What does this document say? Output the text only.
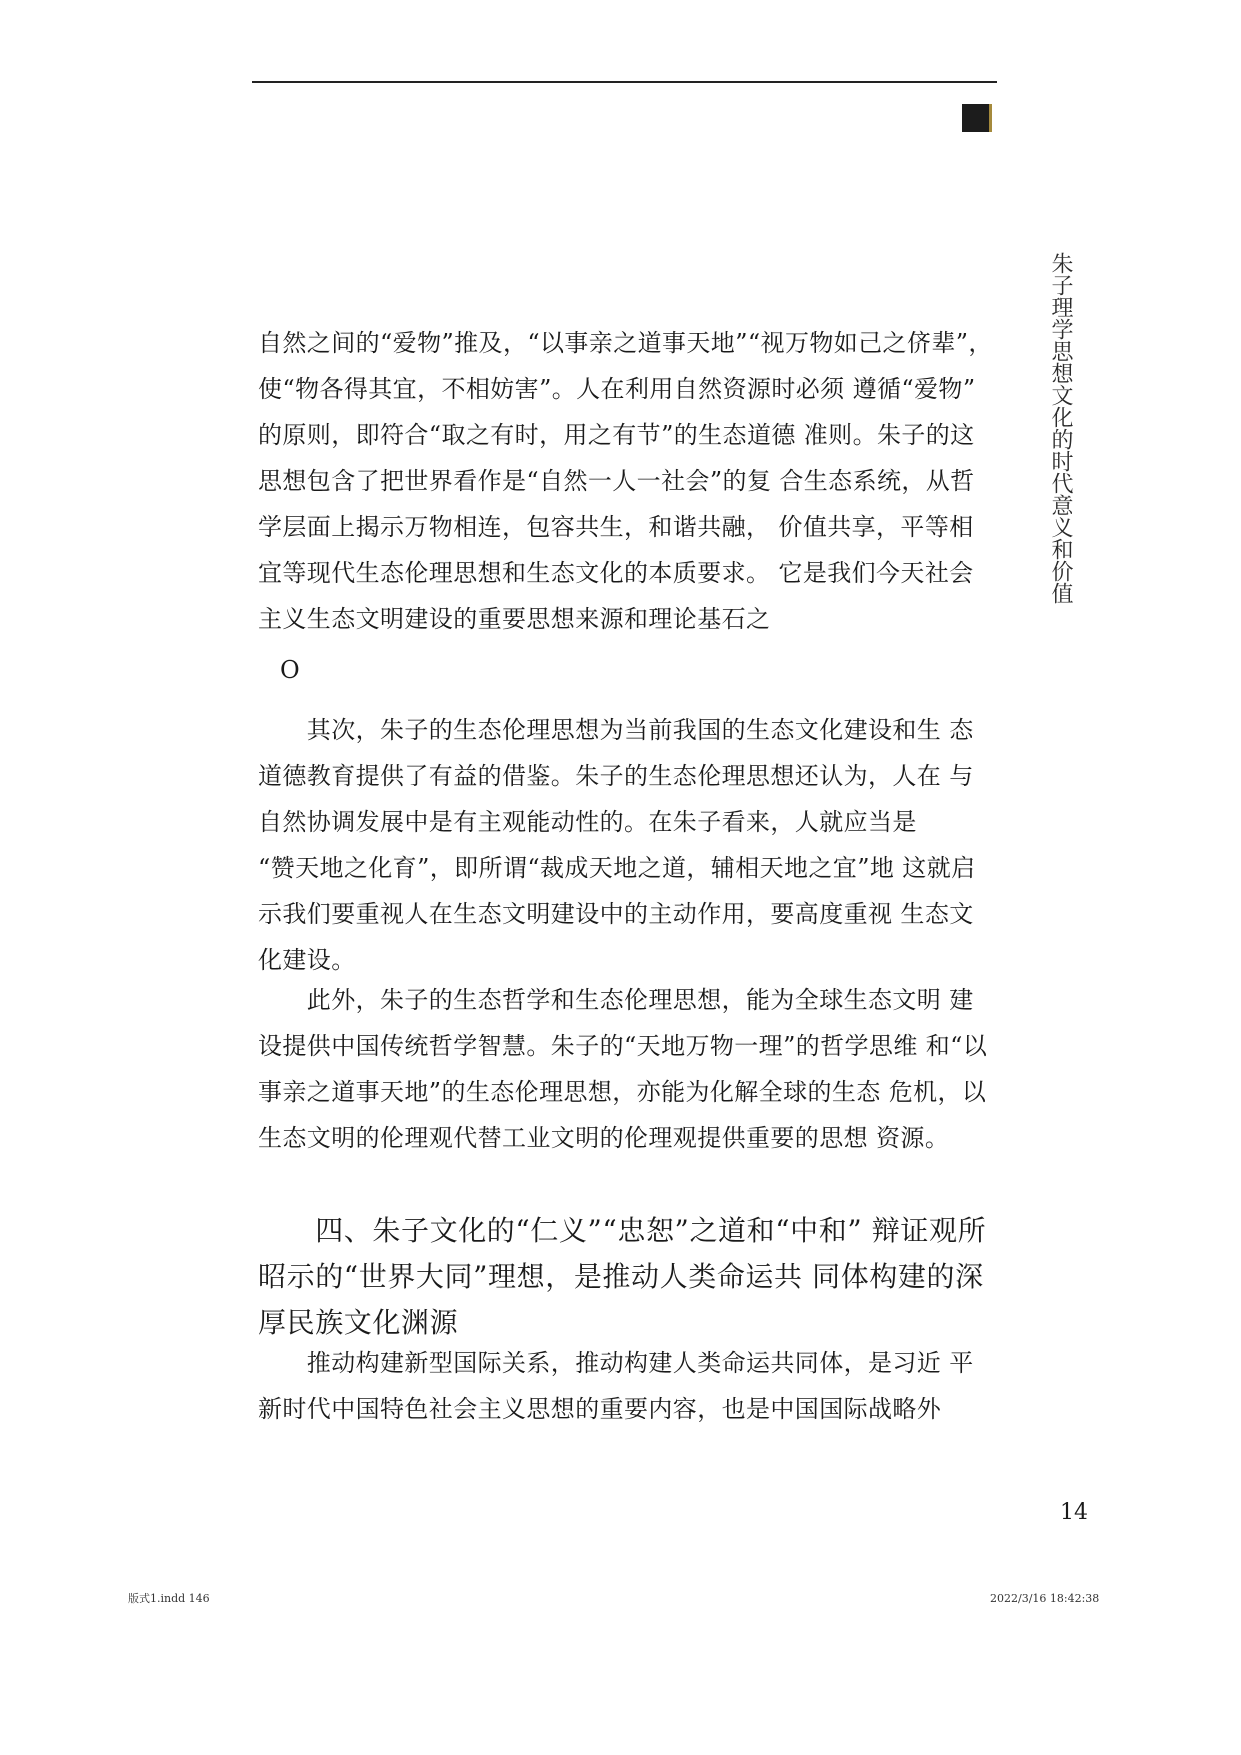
朱子理学思想文化的时代意义和价值
自然之间的“爱物”推及，“以事亲之道事天地”“视万物如己之侪辈”，
使“物各得其宜，不相妨害”。人在利用自然资源时必须 遵循“爱物”
的原则，即符合“取之有时，用之有节”的生态道德 准则。朱子的这
思想包含了把世界看作是“自然一人一社会”的复 合生态系统，从哲
学层面上揭示万物相连，包容共生，和谐共融， 价值共享，平等相
宜等现代生态伦理思想和生态文化的本质要求。 它是我们今天社会
主义生态文明建设的重要思想来源和理论基石之

O

　　其次，朱子的生态伦理思想为当前我国的生态文化建设和生 态
道德教育提供了有益的借鉴。朱子的生态伦理思想还认为，人在 与
自然协调发展中是有主观能动性的。在朱子看来，人就应当是
“赞天地之化育”，即所谓“裁成天地之道，辅相天地之宜”地 这就启
示我们要重视人在生态文明建设中的主动作用，要高度重视 生态文
化建设。
　　此外，朱子的生态哲学和生态伦理思想，能为全球生态文明 建
设提供中国传统哲学智慧。朱子的“天地万物一理”的哲学思维 和“以
事亲之道事天地”的生态伦理思想，亦能为化解全球的生态 危机，以
生态文明的伦理观代替工业文明的伦理观提供重要的思想 资源。
　　四、朱子文化的“仁义”“忠恕”之道和“中和” 辩证观所
昭示的“世界大同”理想，是推动人类命运共 同体构建的深
厚民族文化渊源
　　推动构建新型国际关系，推动构建人类命运共同体，是习近 平
新时代中国特色社会主义思想的重要内容，也是中国国际战略外

14

版式1.indd 146	2022/3/16 18:42:38
